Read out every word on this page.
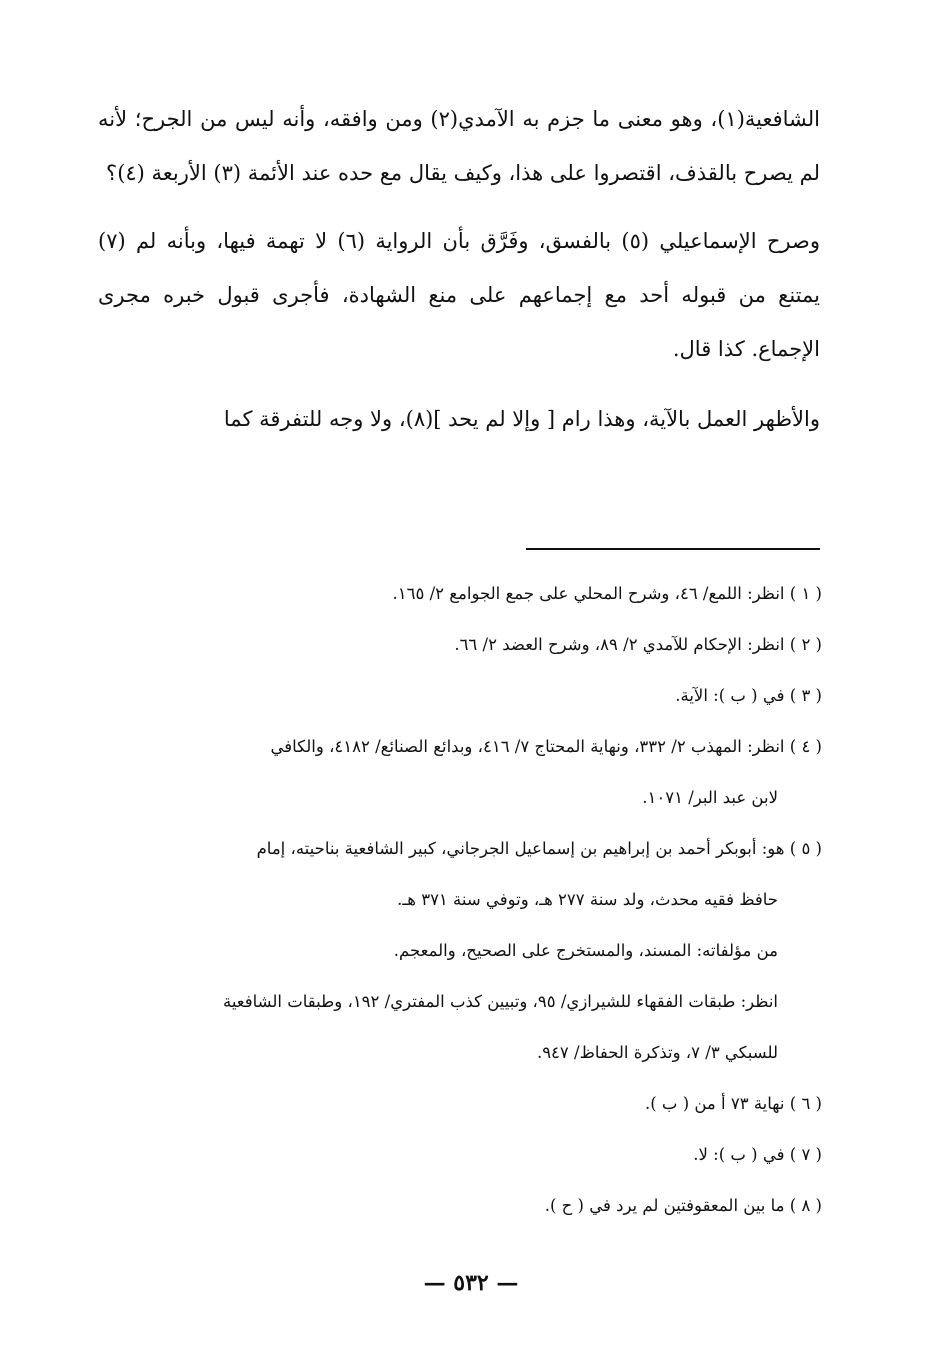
الشافعية(١)، وهو معنى ما جزم به الآمدي(٢) ومن وافقه، وأنه ليس من الجرح؛ لأنه لم يصرح بالقذف، اقتصروا على هذا، وكيف يقال مع حده عند الأئمة (٣) الأربعة (٤)؟

وصرح الإسماعيلي (٥) بالفسق، وفَرَّق بأن الرواية (٦) لا تهمة فيها، وبأنه لم (٧) يمتنع من قبوله أحد مع إجماعهم على منع الشهادة، فأجرى قبول خبره مجرى الإجماع. كذا قال.

والأظهر العمل بالآية، وهذا رام [ وإلا لم يحد ](٨)، ولا وجه للتفرقة كما

( ١ ) انظر: اللمع/ ٤٦، وشرح المحلي على جمع الجوامع ٢/ ١٦٥.
( ٢ ) انظر: الإحكام للآمدي ٢/ ٨٩، وشرح العضد ٢/ ٦٦.
( ٣ ) في ( ب ): الآية.
( ٤ ) انظر: المهذب ٢/ ٣٣٢، ونهاية المحتاج ٧/ ٤١٦، وبدائع الصنائع/ ٤١٨٢، والكافي
لابن عبد البر/ ١٠٧١.
( ٥ ) هو: أبوبكر أحمد بن إبراهيم بن إسماعيل الجرجاني، كبير الشافعية بناحيته، إمام
حافظ فقيه محدث، ولد سنة ٢٧٧ هـ، وتوفي سنة ٣٧١ هـ.
من مؤلفاته: المسند، والمستخرج على الصحيح، والمعجم.
انظر: طبقات الفقهاء للشيرازي/ ٩٥، وتبيين كذب المفتري/ ١٩٢، وطبقات الشافعية
للسبكي ٣/ ٧، وتذكرة الحفاظ/ ٩٤٧.
( ٦ ) نهاية ٧٣ أ من ( ب ).
( ٧ ) في ( ب ): لا.
( ٨ ) ما بين المعقوفتين لم يرد في ( ح ).
— ٥٣٢ —
